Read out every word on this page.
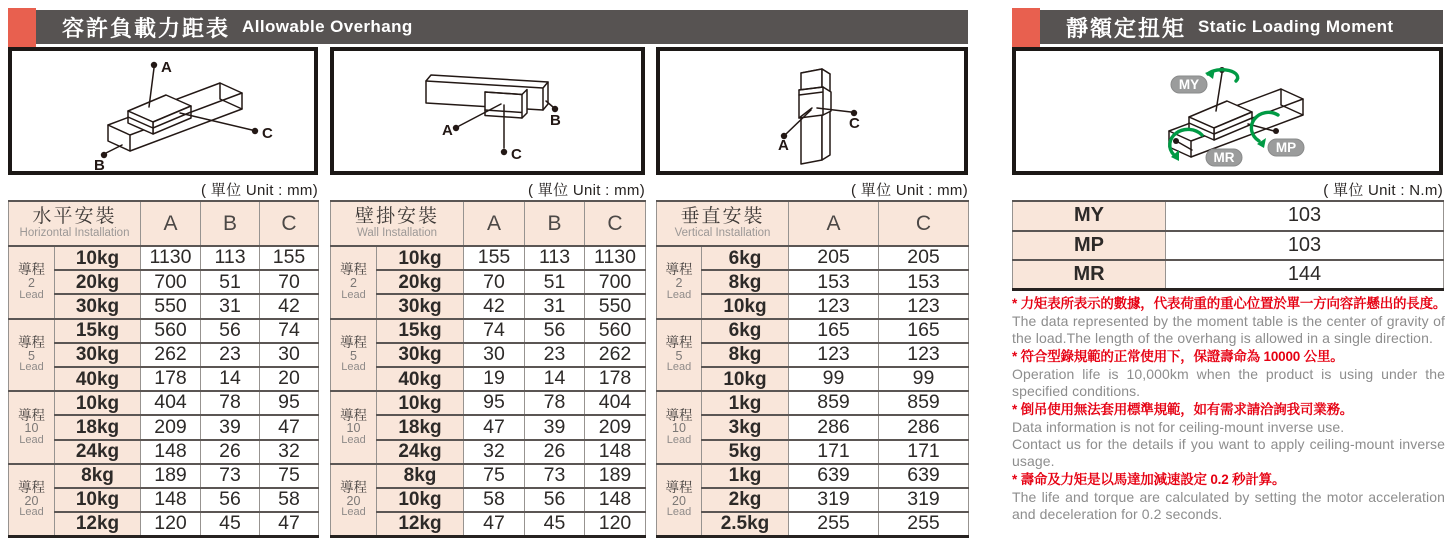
容許負載力距表 Allowable Overhang	靜額定扭矩 Static Loading Moment
A
C
B
A
C
B
A
C
MY
MP
MR
( 單位 Unit : mm)	( 單位 Unit : mm)	( 單位 Unit : mm)	( 單位 Unit : N.m)
水平安裝
Horizontal Installation		A	B	C

導程
2
Lead	10kg	1130	113	155
	20kg	700	51	70
	30kg	550	31	42

導程
5
Lead	15kg	560	56	74
	30kg	262	23	30
	40kg	178	14	20

導程
10
Lead	10kg	404	78	95
	18kg	209	39	47
	24kg	148	26	32

導程
20
Lead	8kg	189	73	75
	10kg	148	56	58
	12kg	120	45	47
壁掛安裝
Wall Installation		A	B	C

導程
2
Lead	10kg	155	113	1130
	20kg	70	51	700
	30kg	42	31	550

導程
5
Lead	15kg	74	56	560
	30kg	30	23	262
	40kg	19	14	178

導程
10
Lead	10kg	95	78	404
	18kg	47	39	209
	24kg	32	26	148

導程
20
Lead	8kg	75	73	189
	10kg	58	56	148
	12kg	47	45	120
垂直安裝
Vertical Installation		A	C

導程
2
Lead	6kg	205	205
	8kg	153	153
	10kg	123	123

導程
5
Lead	6kg	165	165
	8kg	123	123
	10kg	99	99

導程
10
Lead	1kg	859	859
	3kg	286	286
	5kg	171	171

導程
20
Lead	1kg	639	639
	2kg	319	319
	2.5kg	255	255
MY	103
MP	103
MR	144

* 力矩表所表示的數據，代表荷重的重心位置於單一方向容許懸出的長度。

The data represented by the moment table is the center of gravity of the load.The length of the overhang is allowed in a single direction.

* 符合型錄規範的正常使用下，保證壽命為 10000 公里。

Operation life is 10,000km when the product is using under the specified conditions.

* 倒吊使用無法套用標準規範，如有需求請洽詢我司業務。

Data information is not for ceiling-mount inverse use.

Contact us for the details if you want to apply ceiling-mount inverse usage.

* 壽命及力矩是以馬達加減速設定 0.2 秒計算。

The life and torque are calculated by setting the motor acceleration and deceleration for 0.2 seconds.
